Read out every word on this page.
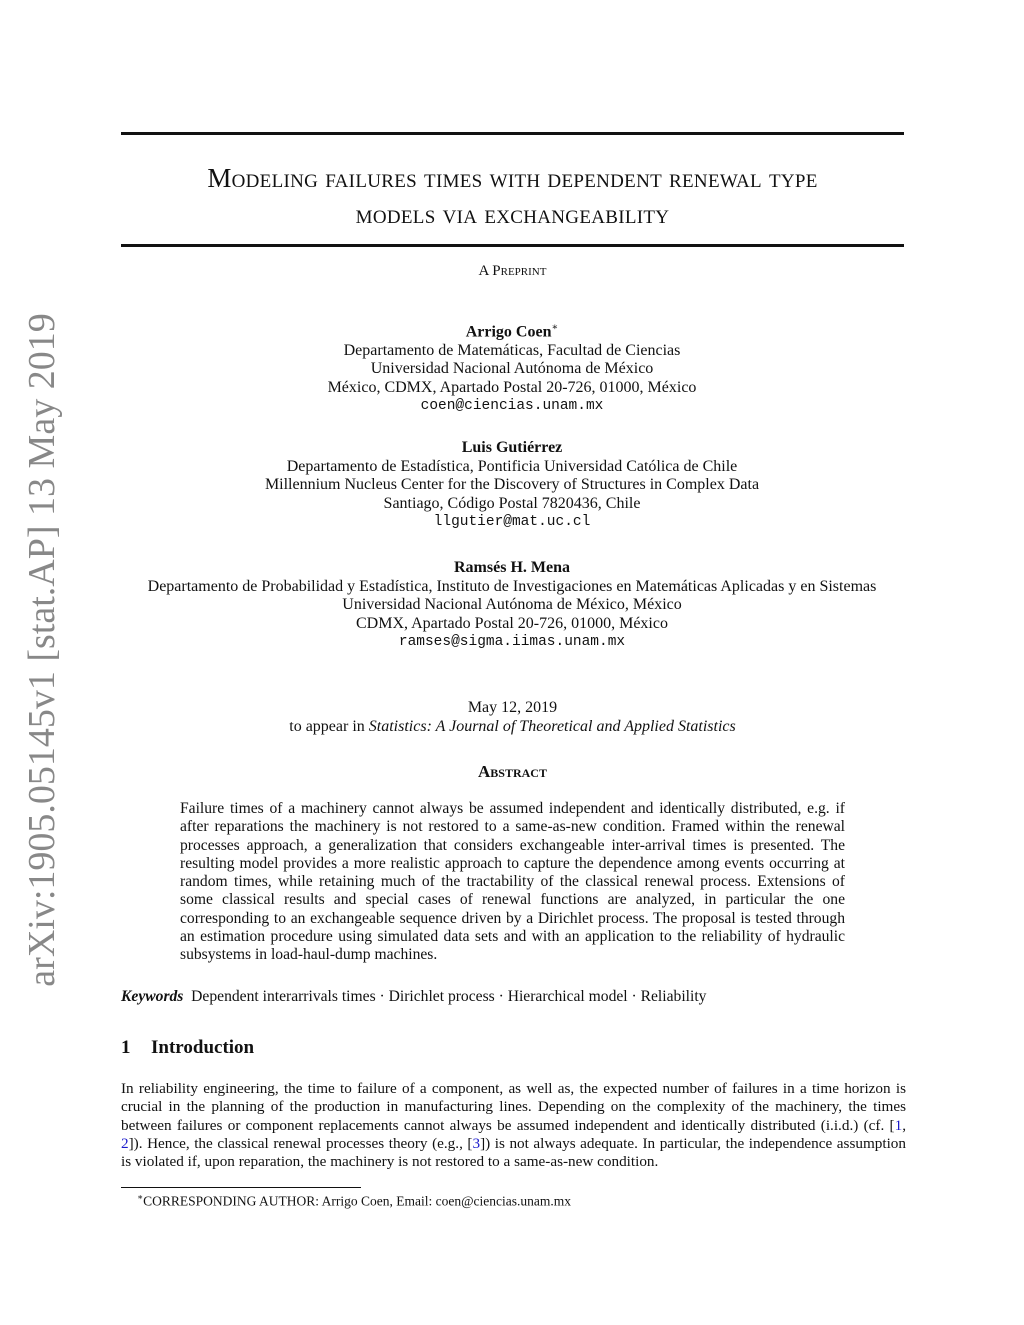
arXiv:1905.05145v1 [stat.AP] 13 May 2019
Modeling failures times with dependent renewal type
models via exchangeability
A Preprint
Arrigo Coen∗
Departamento de Matemáticas, Facultad de Ciencias
Universidad Nacional Autónoma de México
México, CDMX, Apartado Postal 20-726, 01000, México
coen@ciencias.unam.mx
Luis Gutiérrez
Departamento de Estadística, Pontificia Universidad Católica de Chile
Millennium Nucleus Center for the Discovery of Structures in Complex Data
Santiago, Código Postal 7820436, Chile
llgutier@mat.uc.cl
Ramsés H. Mena
Departamento de Probabilidad y Estadística, Instituto de Investigaciones en Matemáticas Aplicadas y en Sistemas
Universidad Nacional Autónoma de México, México
CDMX, Apartado Postal 20-726, 01000, México
ramses@sigma.iimas.unam.mx
May 12, 2019
to appear in Statistics: A Journal of Theoretical and Applied Statistics
Abstract
Failure times of a machinery cannot always be assumed independent and identically distributed, e.g. if after reparations the machinery is not restored to a same-as-new condition. Framed within the renewal processes approach, a generalization that considers exchangeable inter-arrival times is presented. The resulting model provides a more realistic approach to capture the dependence among events occurring at random times, while retaining much of the tractability of the classical renewal process. Extensions of some classical results and special cases of renewal functions are analyzed, in particular the one corresponding to an exchangeable sequence driven by a Dirichlet process. The proposal is tested through an estimation procedure using simulated data sets and with an application to the reliability of hydraulic subsystems in load-haul-dump machines.
Keywords Dependent interarrivals times · Dirichlet process · Hierarchical model · Reliability
1 Introduction
In reliability engineering, the time to failure of a component, as well as, the expected number of failures in a time horizon is crucial in the planning of the production in manufacturing lines. Depending on the complexity of the machinery, the times between failures or component replacements cannot always be assumed independent and identically distributed (i.i.d.) (cf. [1, 2]). Hence, the classical renewal processes theory (e.g., [3]) is not always adequate. In particular, the independence assumption is violated if, upon reparation, the machinery is not restored to a same-as-new condition.
∗CORRESPONDING AUTHOR: Arrigo Coen, Email: coen@ciencias.unam.mx
